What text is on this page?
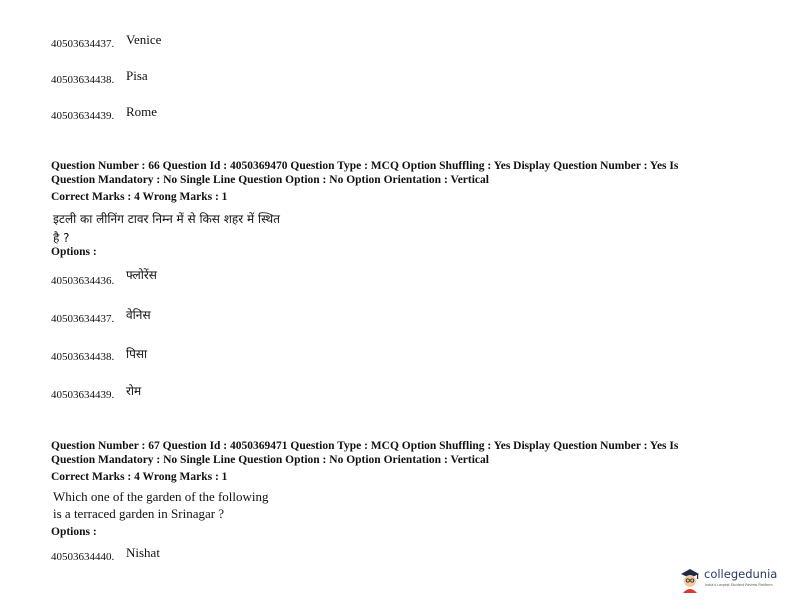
40503634437. Venice
40503634438. Pisa
40503634439. Rome
Question Number : 66 Question Id : 4050369470 Question Type : MCQ Option Shuffling : Yes Display Question Number : Yes Is
Question Mandatory : No Single Line Question Option : No Option Orientation : Vertical
Correct Marks : 4 Wrong Marks : 1
इटली का लीनिंग टावर निम्न में से किस शहर में स्थित
है ?
Options :
40503634436. फ्लोरेंस
40503634437. वेनिस
40503634438. पिसा
40503634439. रोम
Question Number : 67 Question Id : 4050369471 Question Type : MCQ Option Shuffling : Yes Display Question Number : Yes Is
Question Mandatory : No Single Line Question Option : No Option Orientation : Vertical
Correct Marks : 4 Wrong Marks : 1
Which one of the garden of the following
is a terraced garden in Srinagar ?
Options :
40503634440. Nishat
collegedunia
India's Largest Student Review Platform
